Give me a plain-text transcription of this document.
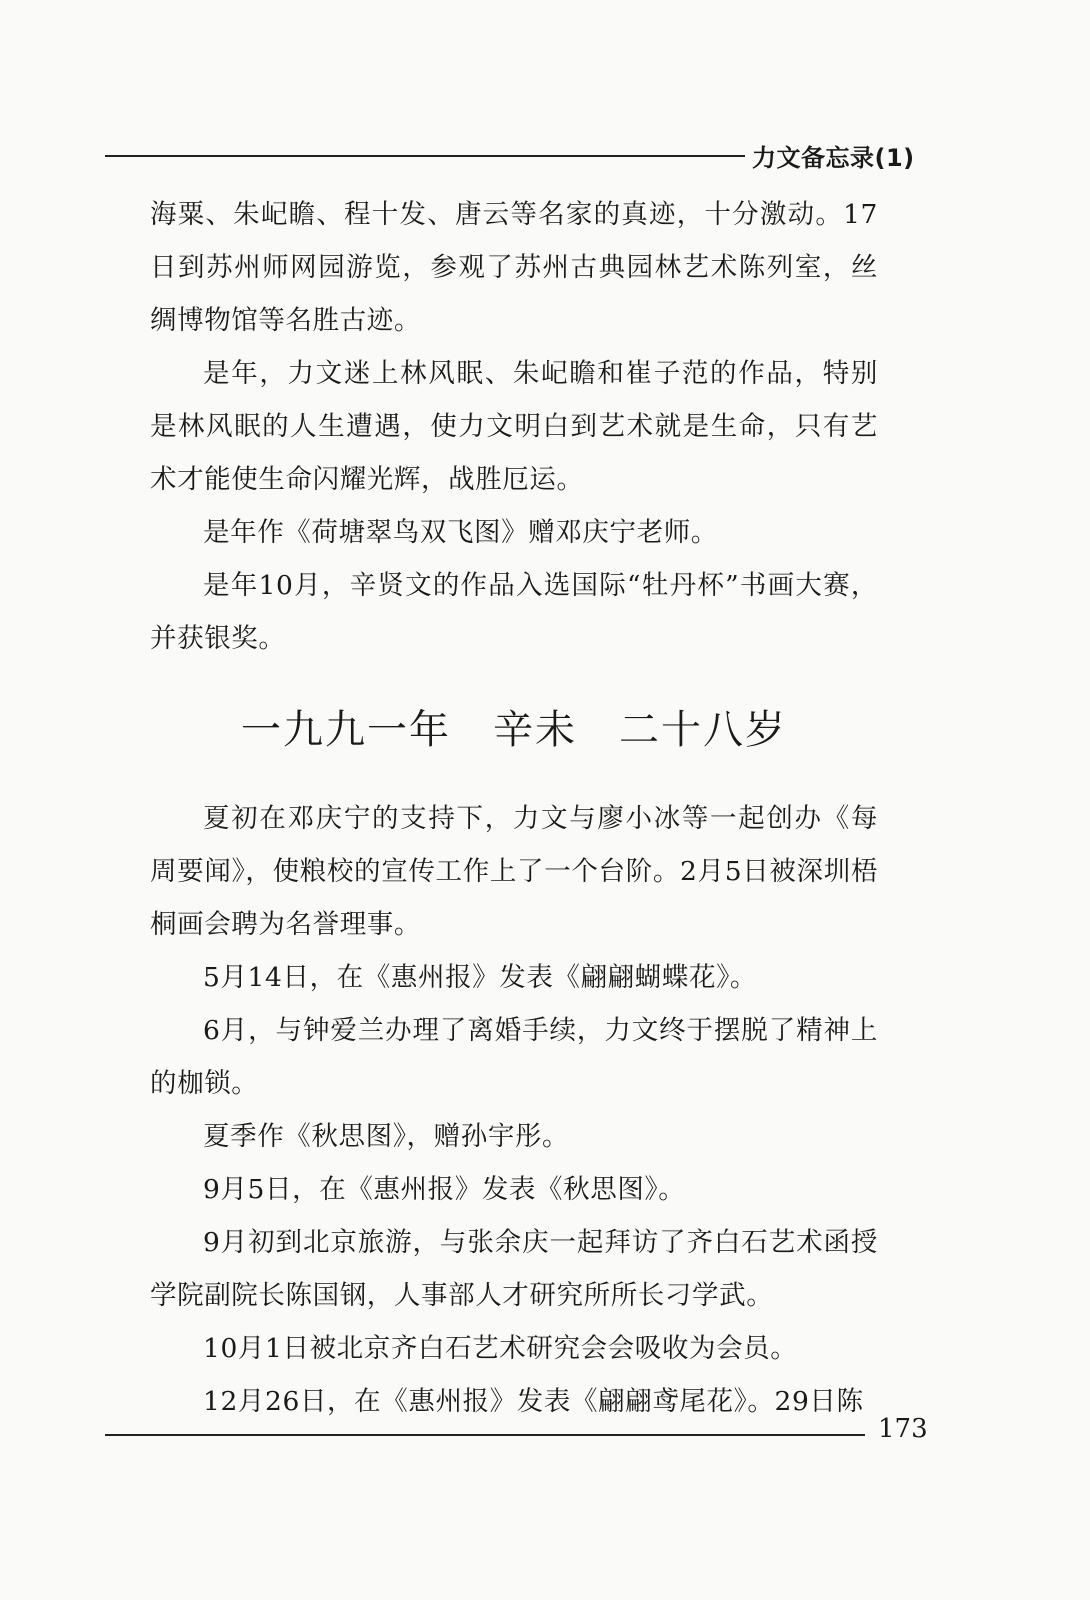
力文备忘录(1)

海粟、朱屺瞻、程十发、唐云等名家的真迹，十分激动。17日到苏州师网园游览，参观了苏州古典园林艺术陈列室，丝绸博物馆等名胜古迹。

是年，力文迷上林风眠、朱屺瞻和崔子范的作品，特别是林风眠的人生遭遇，使力文明白到艺术就是生命，只有艺术才能使生命闪耀光辉，战胜厄运。

是年作《荷塘翠鸟双飞图》赠邓庆宁老师。

是年10月，辛贤文的作品入选国际“牡丹杯”书画大赛，并获银奖。

一九九一年　辛未　二十八岁

夏初在邓庆宁的支持下，力文与廖小冰等一起创办《每周要闻》，使粮校的宣传工作上了一个台阶。2月5日被深圳梧桐画会聘为名誉理事。

5月14日，在《惠州报》发表《翩翩蝴蝶花》。

6月，与钟爱兰办理了离婚手续，力文终于摆脱了精神上的枷锁。

夏季作《秋思图》，赠孙宇彤。

9月5日，在《惠州报》发表《秋思图》。

9月初到北京旅游，与张余庆一起拜访了齐白石艺术函授学院副院长陈国钢，人事部人才研究所所长刁学武。

10月1日被北京齐白石艺术研究会会吸收为会员。

12月26日，在《惠州报》发表《翩翩鸢尾花》。29日陈

173
